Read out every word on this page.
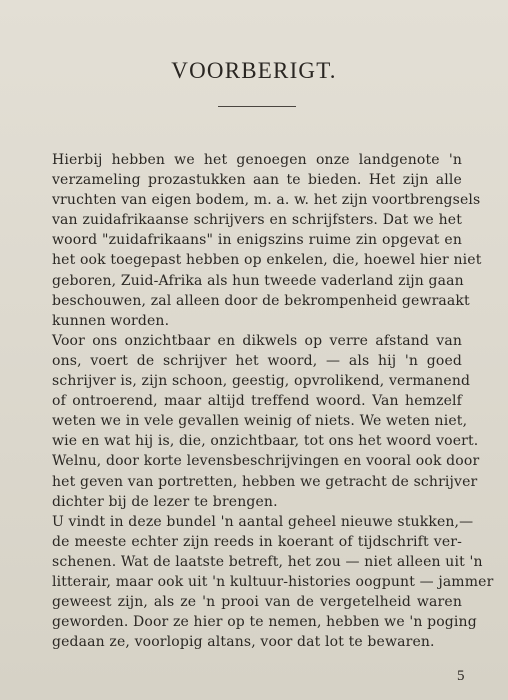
VOORBERIGT.
Hierbij hebben we het genoegen onze landgenote 'n
verzameling prozastukken aan te bieden. Het zijn alle
vruchten van eigen bodem, m. a. w. het zijn voortbrengsels
van zuidafrikaanse schrijvers en schrijfsters. Dat we het
woord "zuidafrikaans" in enigszins ruime zin opgevat en
het ook toegepast hebben op enkelen, die, hoewel hier niet
geboren, Zuid-Afrika als hun tweede vaderland zijn gaan
beschouwen, zal alleen door de bekrompenheid gewraakt
kunnen worden.
Voor ons onzichtbaar en dikwels op verre afstand van
ons, voert de schrijver het woord, — als hij 'n goed
schrijver is, zijn schoon, geestig, opvrolikend, vermanend
of ontroerend, maar altijd treffend woord. Van hemzelf
weten we in vele gevallen weinig of niets. We weten niet,
wie en wat hij is, die, onzichtbaar, tot ons het woord voert.
Welnu, door korte levensbeschrijvingen en vooral ook door
het geven van portretten, hebben we getracht de schrijver
dichter bij de lezer te brengen.
U vindt in deze bundel 'n aantal geheel nieuwe stukken,—
de meeste echter zijn reeds in koerant of tijdschrift ver-
schenen. Wat de laatste betreft, het zou — niet alleen uit 'n
litterair, maar ook uit 'n kultuur-histories oogpunt — jammer
geweest zijn, als ze 'n prooi van de vergetelheid waren
geworden. Door ze hier op te nemen, hebben we 'n poging
gedaan ze, voorlopig altans, voor dat lot te bewaren.
5
